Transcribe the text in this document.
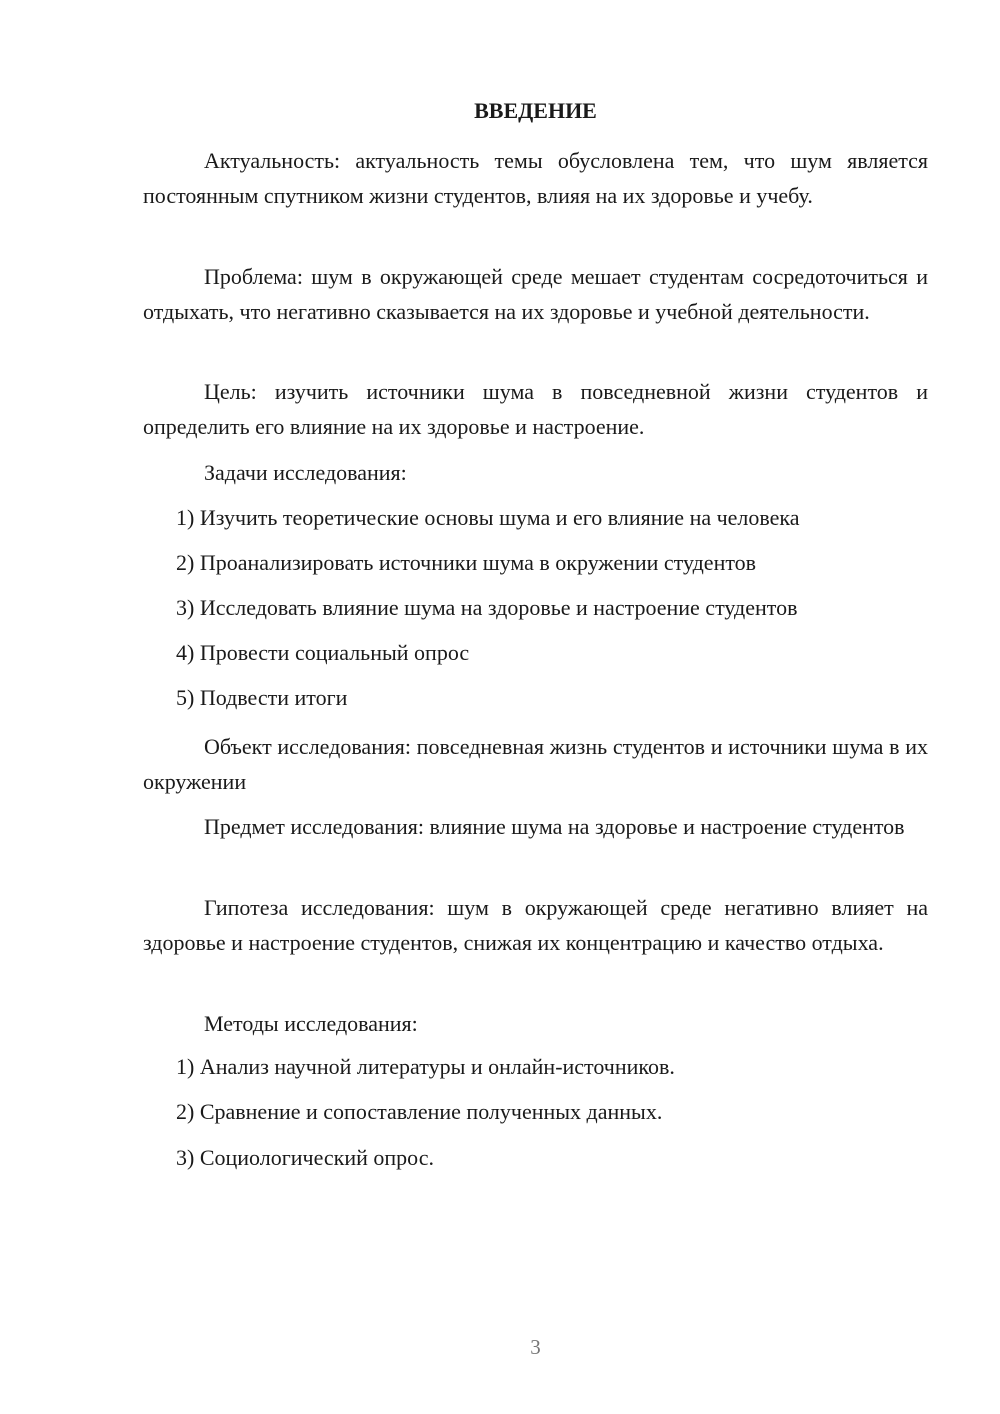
ВВЕДЕНИЕ
Актуальность: актуальность темы обусловлена тем, что шум является постоянным спутником жизни студентов, влияя на их здоровье и учебу.
Проблема: шум в окружающей среде мешает студентам сосредоточиться и отдыхать, что негативно сказывается на их здоровье и учебной деятельности.
Цель: изучить источники шума в повседневной жизни студентов и определить его влияние на их здоровье и настроение.
Задачи исследования:
1) Изучить теоретические основы шума и его влияние на человека
2) Проанализировать источники шума в окружении студентов
3) Исследовать влияние шума на здоровье и настроение студентов
4) Провести социальный опрос
5) Подвести итоги
Объект исследования: повседневная жизнь студентов и источники шума в их окружении
Предмет исследования: влияние шума на здоровье и настроение студентов
Гипотеза исследования: шум в окружающей среде негативно влияет на здоровье и настроение студентов, снижая их концентрацию и качество отдыха.
Методы исследования:
1) Анализ научной литературы и онлайн-источников.
2) Сравнение и сопоставление полученных данных.
3) Социологический опрос.
3
